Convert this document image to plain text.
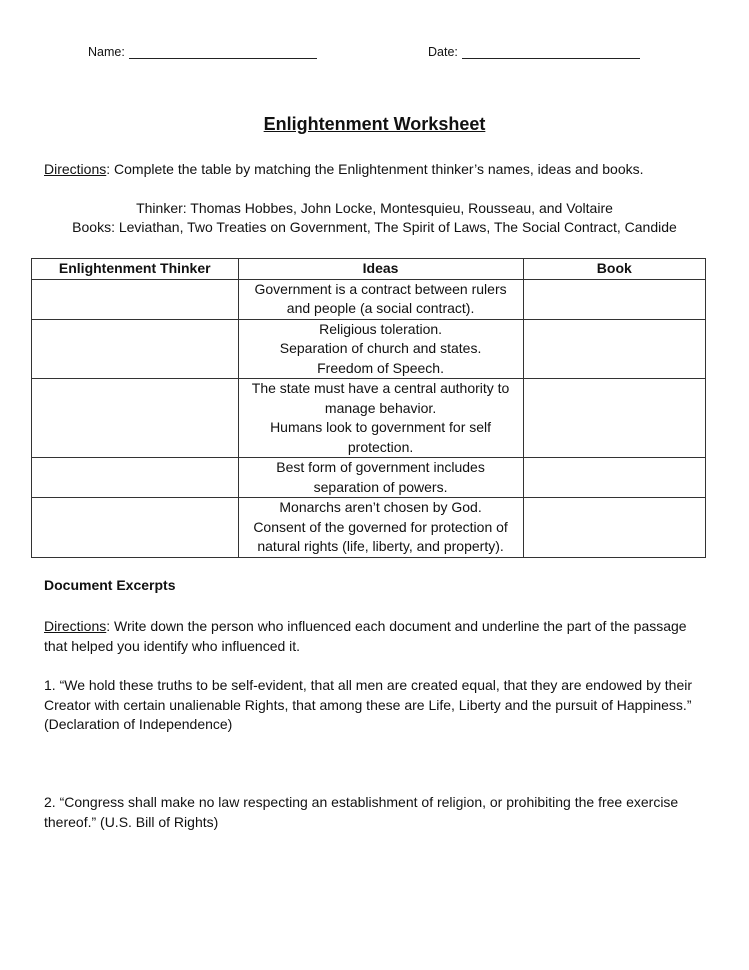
Name:	Date:
Enlightenment Worksheet
Directions: Complete the table by matching the Enlightenment thinker’s names, ideas and books.
Thinker: Thomas Hobbes, John Locke, Montesquieu, Rousseau, and Voltaire
Books: Leviathan, Two Treaties on Government, The Spirit of Laws, The Social Contract, Candide
Enlightenment Thinker	Ideas	Book

	Government is a contract between rulers
and people (a social contract).	

	Religious toleration.
Separation of church and states.
Freedom of Speech.	

	The state must have a central authority to
manage behavior.
Humans look to government for self
protection.	

	Best form of government includes
separation of powers.	

	Monarchs aren’t chosen by God.
Consent of the governed for protection of
natural rights (life, liberty, and property).	

Document Excerpts
Directions: Write down the person who influenced each document and underline the part of the passage that helped you identify who influenced it.
1. “We hold these truths to be self-evident, that all men are created equal, that they are endowed by their Creator with certain unalienable Rights, that among these are Life, Liberty and the pursuit of Happiness.” (Declaration of Independence)
2. “Congress shall make no law respecting an establishment of religion, or prohibiting the free exercise thereof.” (U.S. Bill of Rights)
